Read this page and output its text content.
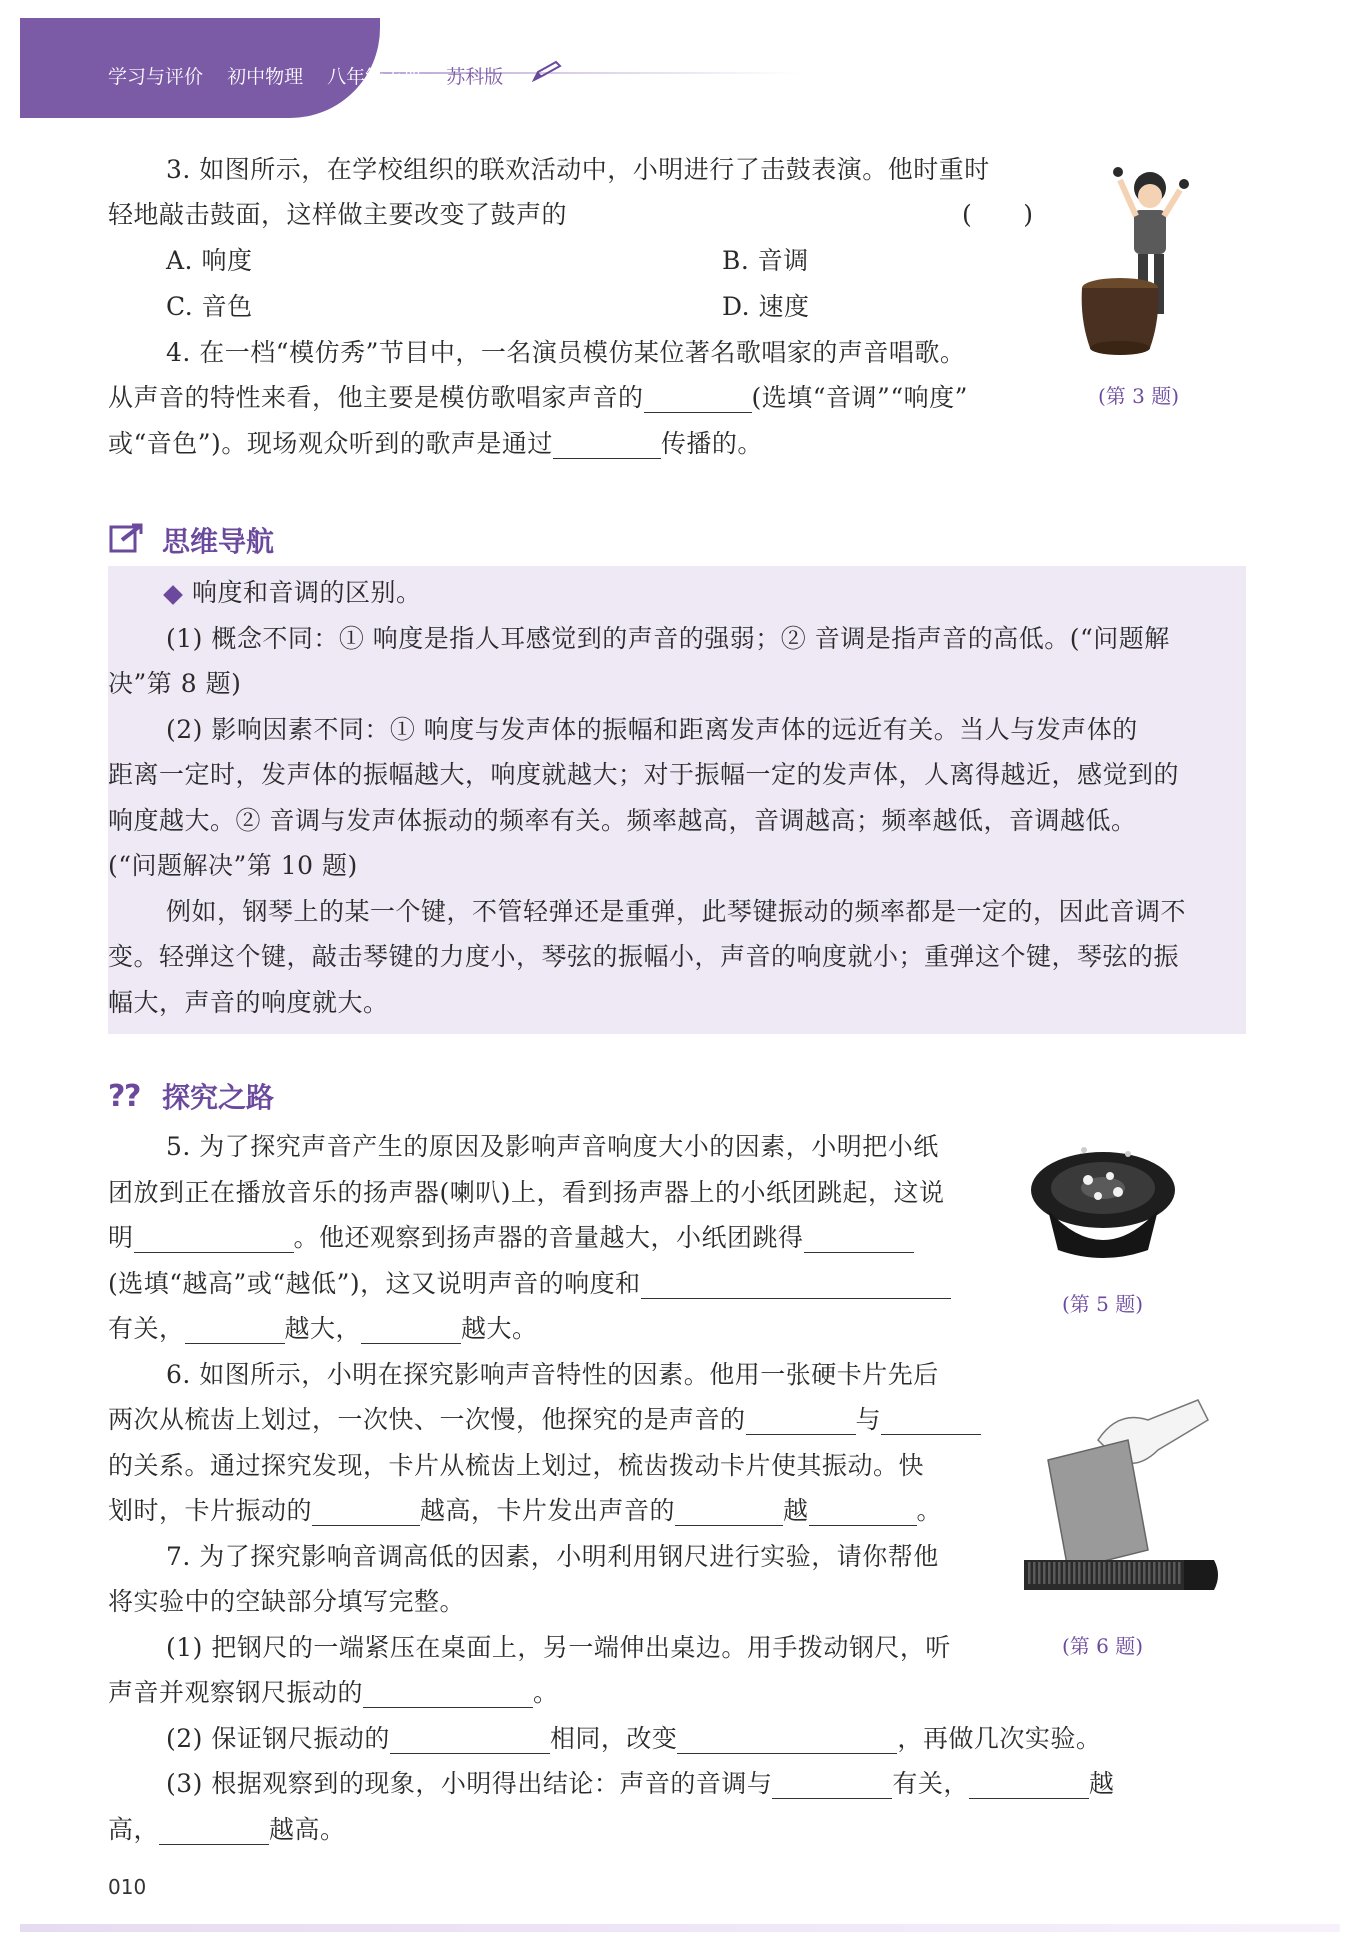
学习与评价 初中物理 八年级上册 苏科版
3. 如图所示，在学校组织的联欢活动中，小明进行了击鼓表演。他时重时
轻地敲击鼓面，这样做主要改变了鼓声的	(　　)
A. 响度	B. 音调
C. 音色	D. 速度
(第 3 题)
4. 在一档“模仿秀”节目中，一名演员模仿某位著名歌唱家的声音唱歌。
从声音的特性来看，他主要是模仿歌唱家声音的	(选填“音调”“响度”
或“音色”)。现场观众听到的歌声是通过	传播的。
思维导航
响度和音调的区别。
(1) 概念不同：① 响度是指人耳感觉到的声音的强弱；② 音调是指声音的高低。(“问题解
决”第 8 题)
(2) 影响因素不同：① 响度与发声体的振幅和距离发声体的远近有关。当人与发声体的
距离一定时，发声体的振幅越大，响度就越大；对于振幅一定的发声体，人离得越近，感觉到的
响度越大。② 音调与发声体振动的频率有关。频率越高，音调越高；频率越低，音调越低。
(“问题解决”第 10 题)
例如，钢琴上的某一个键，不管轻弹还是重弹，此琴键振动的频率都是一定的，因此音调不
变。轻弹这个键，敲击琴键的力度小，琴弦的振幅小，声音的响度就小；重弹这个键，琴弦的振
幅大，声音的响度就大。
?
? 探究之路
5. 为了探究声音产生的原因及影响声音响度大小的因素，小明把小纸
团放到正在播放音乐的扬声器(喇叭)上，看到扬声器上的小纸团跳起，这说
明	。他还观察到扬声器的音量越大，小纸团跳得
(选填“越高”或“越低”)，这又说明声音的响度和
有关，	越大，	越大。
(第 5 题)
6. 如图所示，小明在探究影响声音特性的因素。他用一张硬卡片先后
两次从梳齿上划过，一次快、一次慢，他探究的是声音的	与
的关系。通过探究发现，卡片从梳齿上划过，梳齿拨动卡片使其振动。快
划时，卡片振动的	越高，卡片发出声音的	越	。
(第 6 题)
7. 为了探究影响音调高低的因素，小明利用钢尺进行实验，请你帮他
将实验中的空缺部分填写完整。
(1) 把钢尺的一端紧压在桌面上，另一端伸出桌边。用手拨动钢尺，听
声音并观察钢尺振动的	。
(2) 保证钢尺振动的	相同，改变	，再做几次实验。
(3) 根据观察到的现象，小明得出结论：声音的音调与	有关，	越
高，	越高。
010
